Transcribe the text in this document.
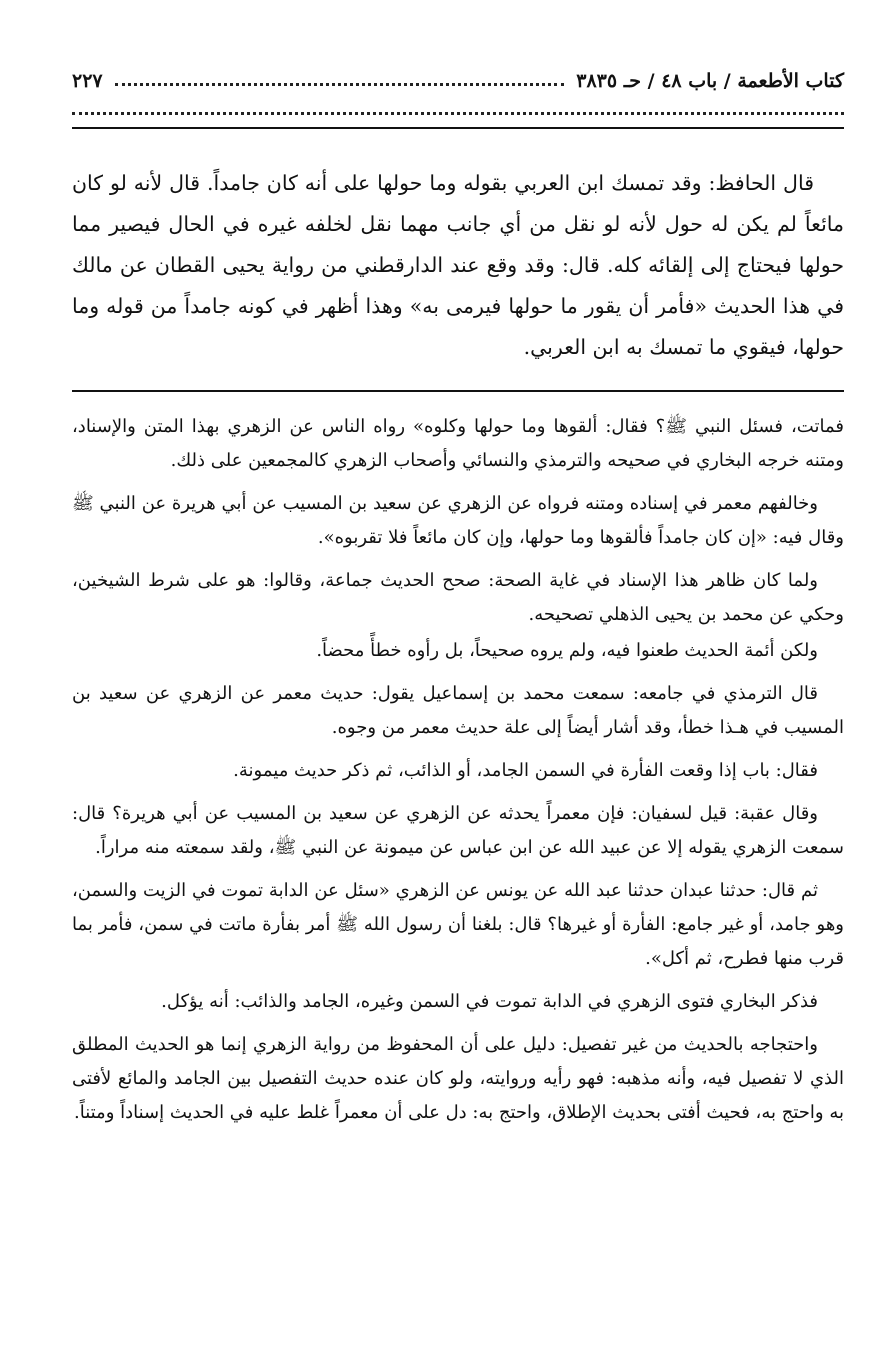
كتاب الأطعمة / باب ٤٨ / حـ ٣٨٣٥
٢٢٧

قال الحافظ: وقد تمسك ابن العربي بقوله وما حولها على أنه كان جامداً. قال لأنه لو كان مائعاً لم يكن له حول لأنه لو نقل من أي جانب مهما نقل لخلفه غيره في الحال فيصير مما حولها فيحتاج إلى إلقائه كله. قال: وقد وقع عند الدارقطني من رواية يحيى القطان عن مالك في هذا الحديث «فأمر أن يقور ما حولها فيرمى به» وهذا أظهر في كونه جامداً من قوله وما حولها، فيقوي ما تمسك به ابن العربي.

فماتت، فسئل النبي ﷺ؟ فقال: ألقوها وما حولها وكلوه» رواه الناس عن الزهري بهذا المتن والإسناد، ومتنه خرجه البخاري في صحيحه والترمذي والنسائي وأصحاب الزهري كالمجمعين على ذلك.

وخالفهم معمر في إسناده ومتنه فرواه عن الزهري عن سعيد بن المسيب عن أبي هريرة عن النبي ﷺ وقال فيه: «إن كان جامداً فألقوها وما حولها، وإن كان مائعاً فلا تقربوه».

ولما كان ظاهر هذا الإسناد في غاية الصحة: صحح الحديث جماعة، وقالوا: هو على شرط الشيخين، وحكي عن محمد بن يحيى الذهلي تصحيحه.

ولكن أئمة الحديث طعنوا فيه، ولم يروه صحيحاً، بل رأوه خطأً محضاً.

قال الترمذي في جامعه: سمعت محمد بن إسماعيل يقول: حديث معمر عن الزهري عن سعيد بن المسيب في هـذا خطأ، وقد أشار أيضاً إلى علة حديث معمر من وجوه.

فقال: باب إذا وقعت الفأرة في السمن الجامد، أو الذائب، ثم ذكر حديث ميمونة.

وقال عقبة: قيل لسفيان: فإن معمراً يحدثه عن الزهري عن سعيد بن المسيب عن أبي هريرة؟ قال: سمعت الزهري يقوله إلا عن عبيد الله عن ابن عباس عن ميمونة عن النبي ﷺ، ولقد سمعته منه مراراً.

ثم قال: حدثنا عبدان حدثنا عبد الله عن يونس عن الزهري «سئل عن الدابة تموت في الزيت والسمن، وهو جامد، أو غير جامع: الفأرة أو غيرها؟ قال: بلغنا أن رسول الله ﷺ أمر بفأرة ماتت في سمن، فأمر بما قرب منها فطرح، ثم أكل».

فذكر البخاري فتوى الزهري في الدابة تموت في السمن وغيره، الجامد والذائب: أنه يؤكل.

واحتجاجه بالحديث من غير تفصيل: دليل على أن المحفوظ من رواية الزهري إنما هو الحديث المطلق الذي لا تفصيل فيه، وأنه مذهبه: فهو رأيه وروايته، ولو كان عنده حديث التفصيل بين الجامد والمائع لأفتى به واحتج به، فحيث أفتى بحديث الإطلاق، واحتج به: دل على أن معمراً غلط عليه في الحديث إسناداً ومتناً.
